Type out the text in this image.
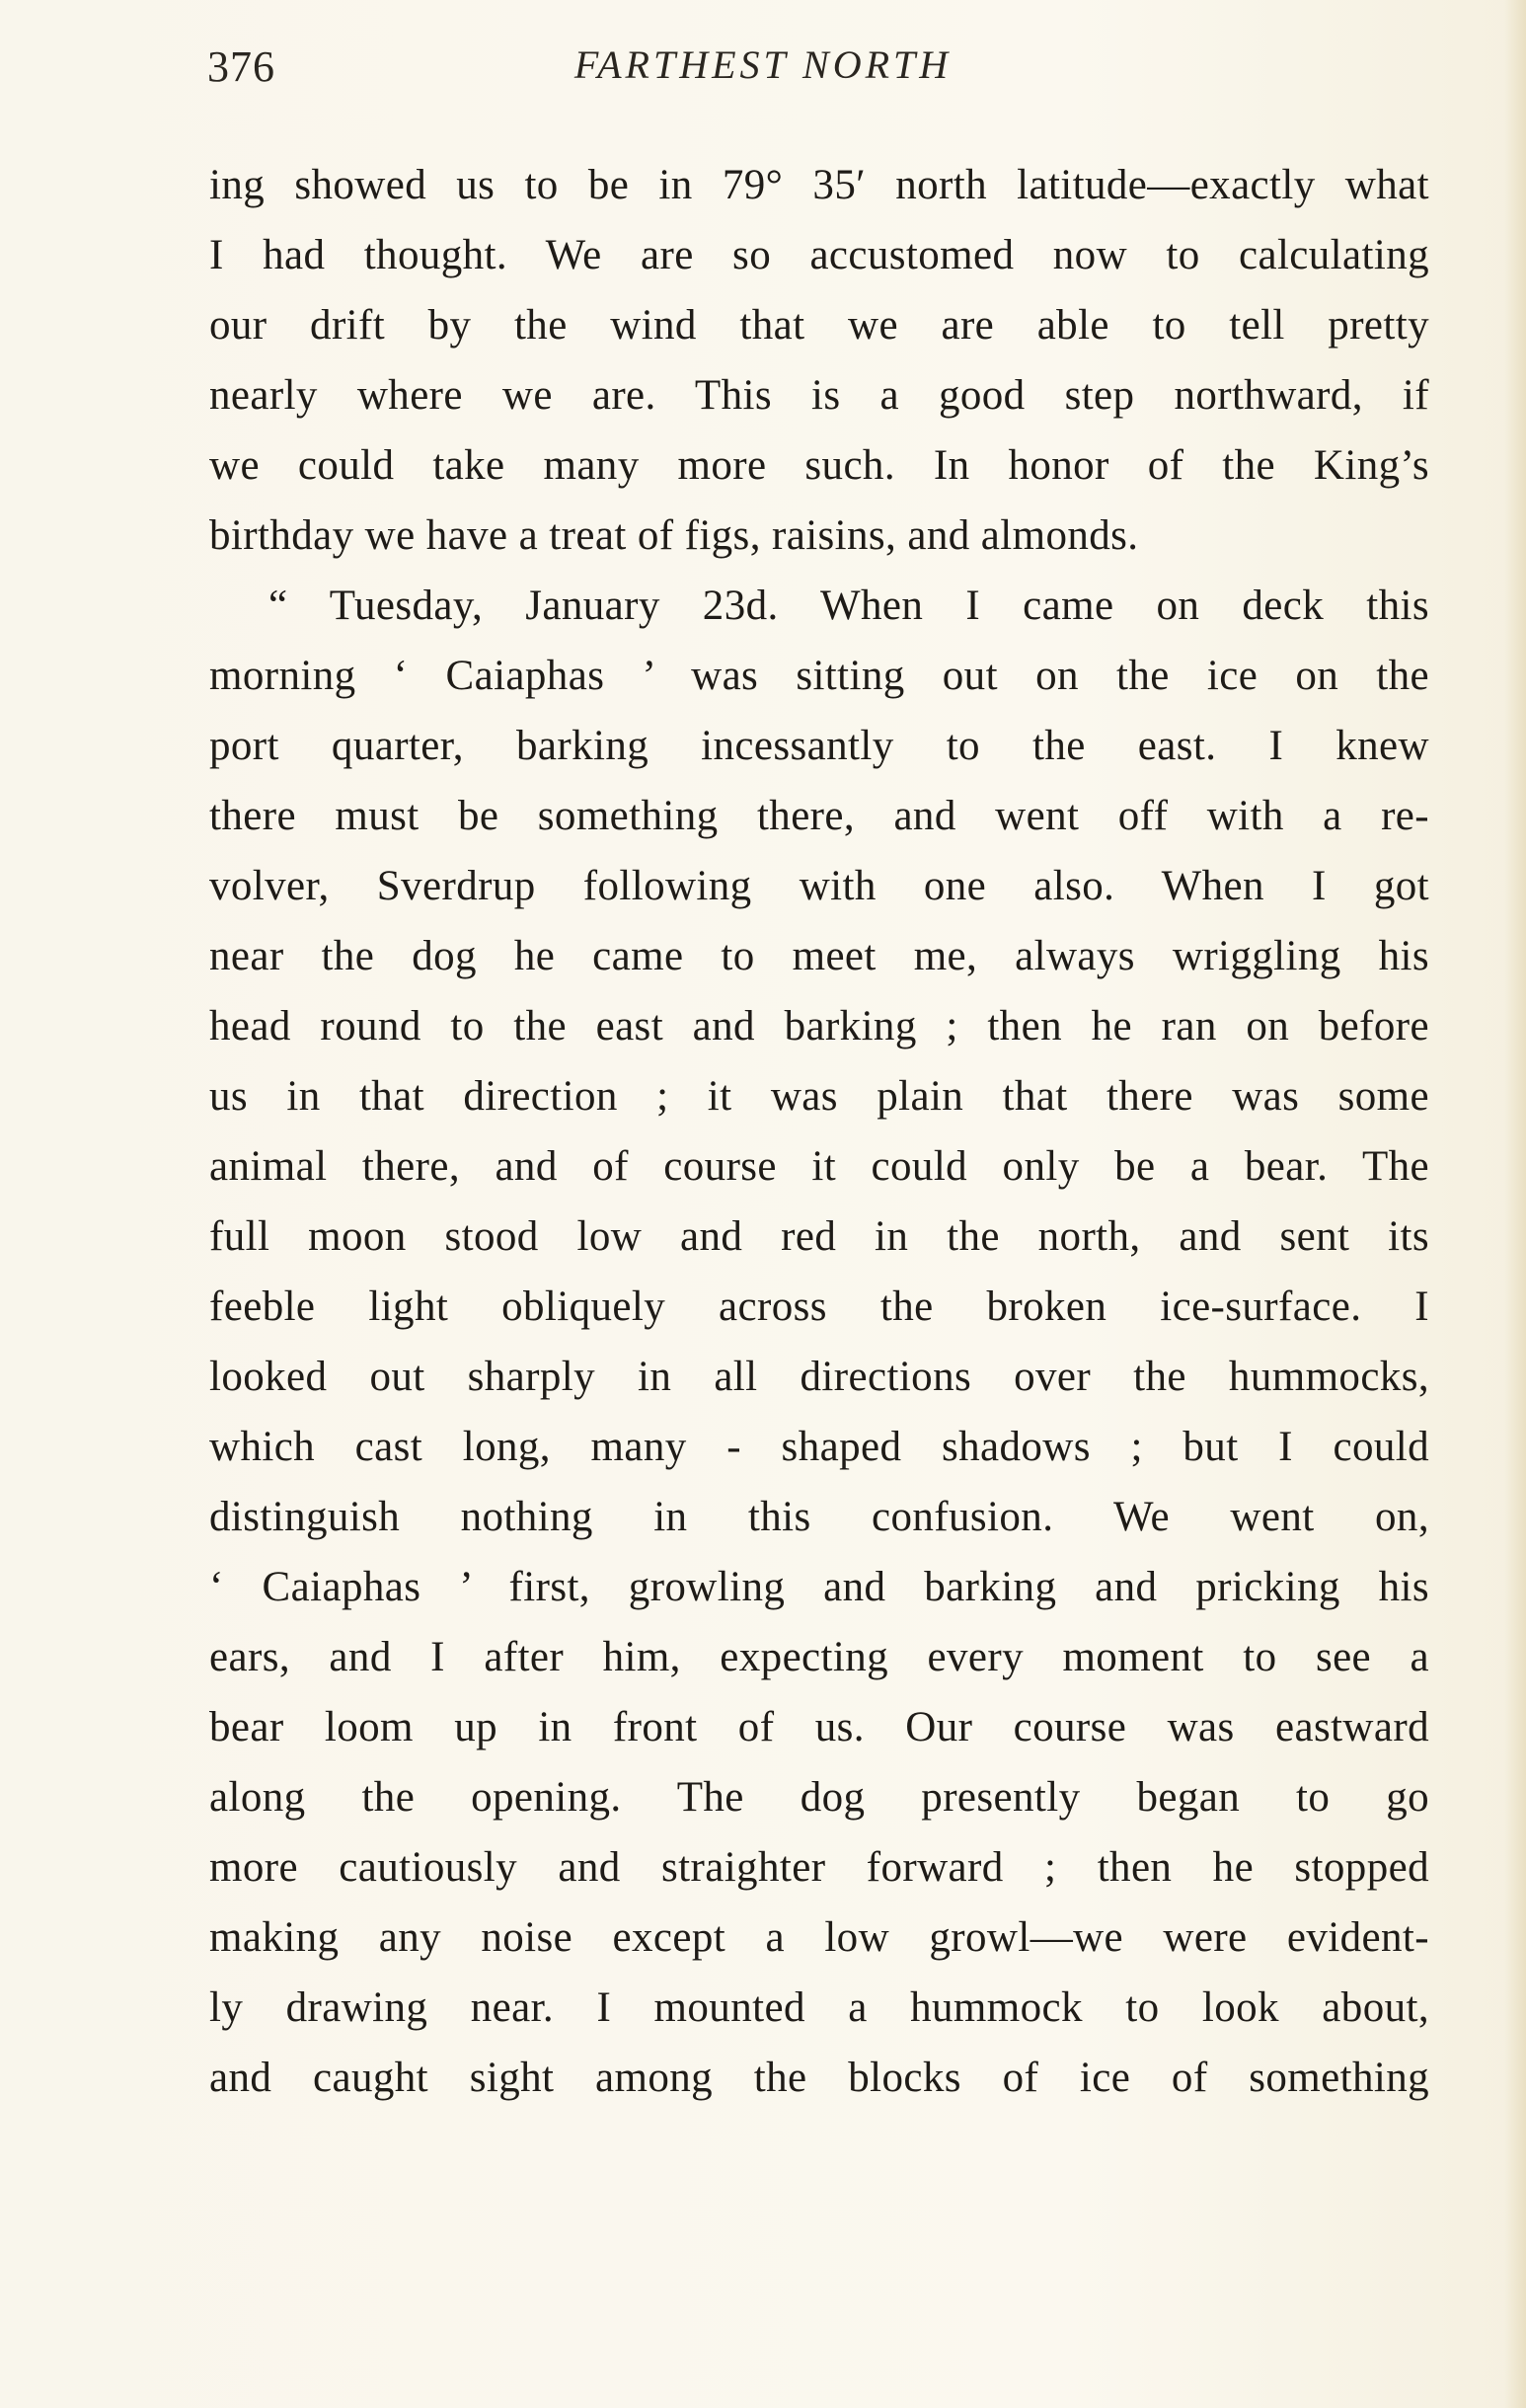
376	FARTHEST NORTH
ing showed us to be in 79° 35′ north latitude—exactly what
I had thought. We are so accustomed now to calculating
our drift by the wind that we are able to tell pretty
nearly where we are. This is a good step northward, if
we could take many more such. In honor of the King’s
birthday we have a treat of figs, raisins, and almonds.
“ Tuesday, January 23d. When I came on deck this
morning ‘ Caiaphas ’ was sitting out on the ice on the
port quarter, barking incessantly to the east. I knew
there must be something there, and went off with a re-
volver, Sverdrup following with one also. When I got
near the dog he came to meet me, always wriggling his
head round to the east and barking ; then he ran on before
us in that direction ; it was plain that there was some
animal there, and of course it could only be a bear. The
full moon stood low and red in the north, and sent its
feeble light obliquely across the broken ice-surface. I
looked out sharply in all directions over the hummocks,
which cast long, many - shaped shadows ; but I could
distinguish nothing in this confusion. We went on,
‘ Caiaphas ’ first, growling and barking and pricking his
ears, and I after him, expecting every moment to see a
bear loom up in front of us. Our course was eastward
along the opening. The dog presently began to go
more cautiously and straighter forward ; then he stopped
making any noise except a low growl—we were evident-
ly drawing near. I mounted a hummock to look about,
and caught sight among the blocks of ice of something
